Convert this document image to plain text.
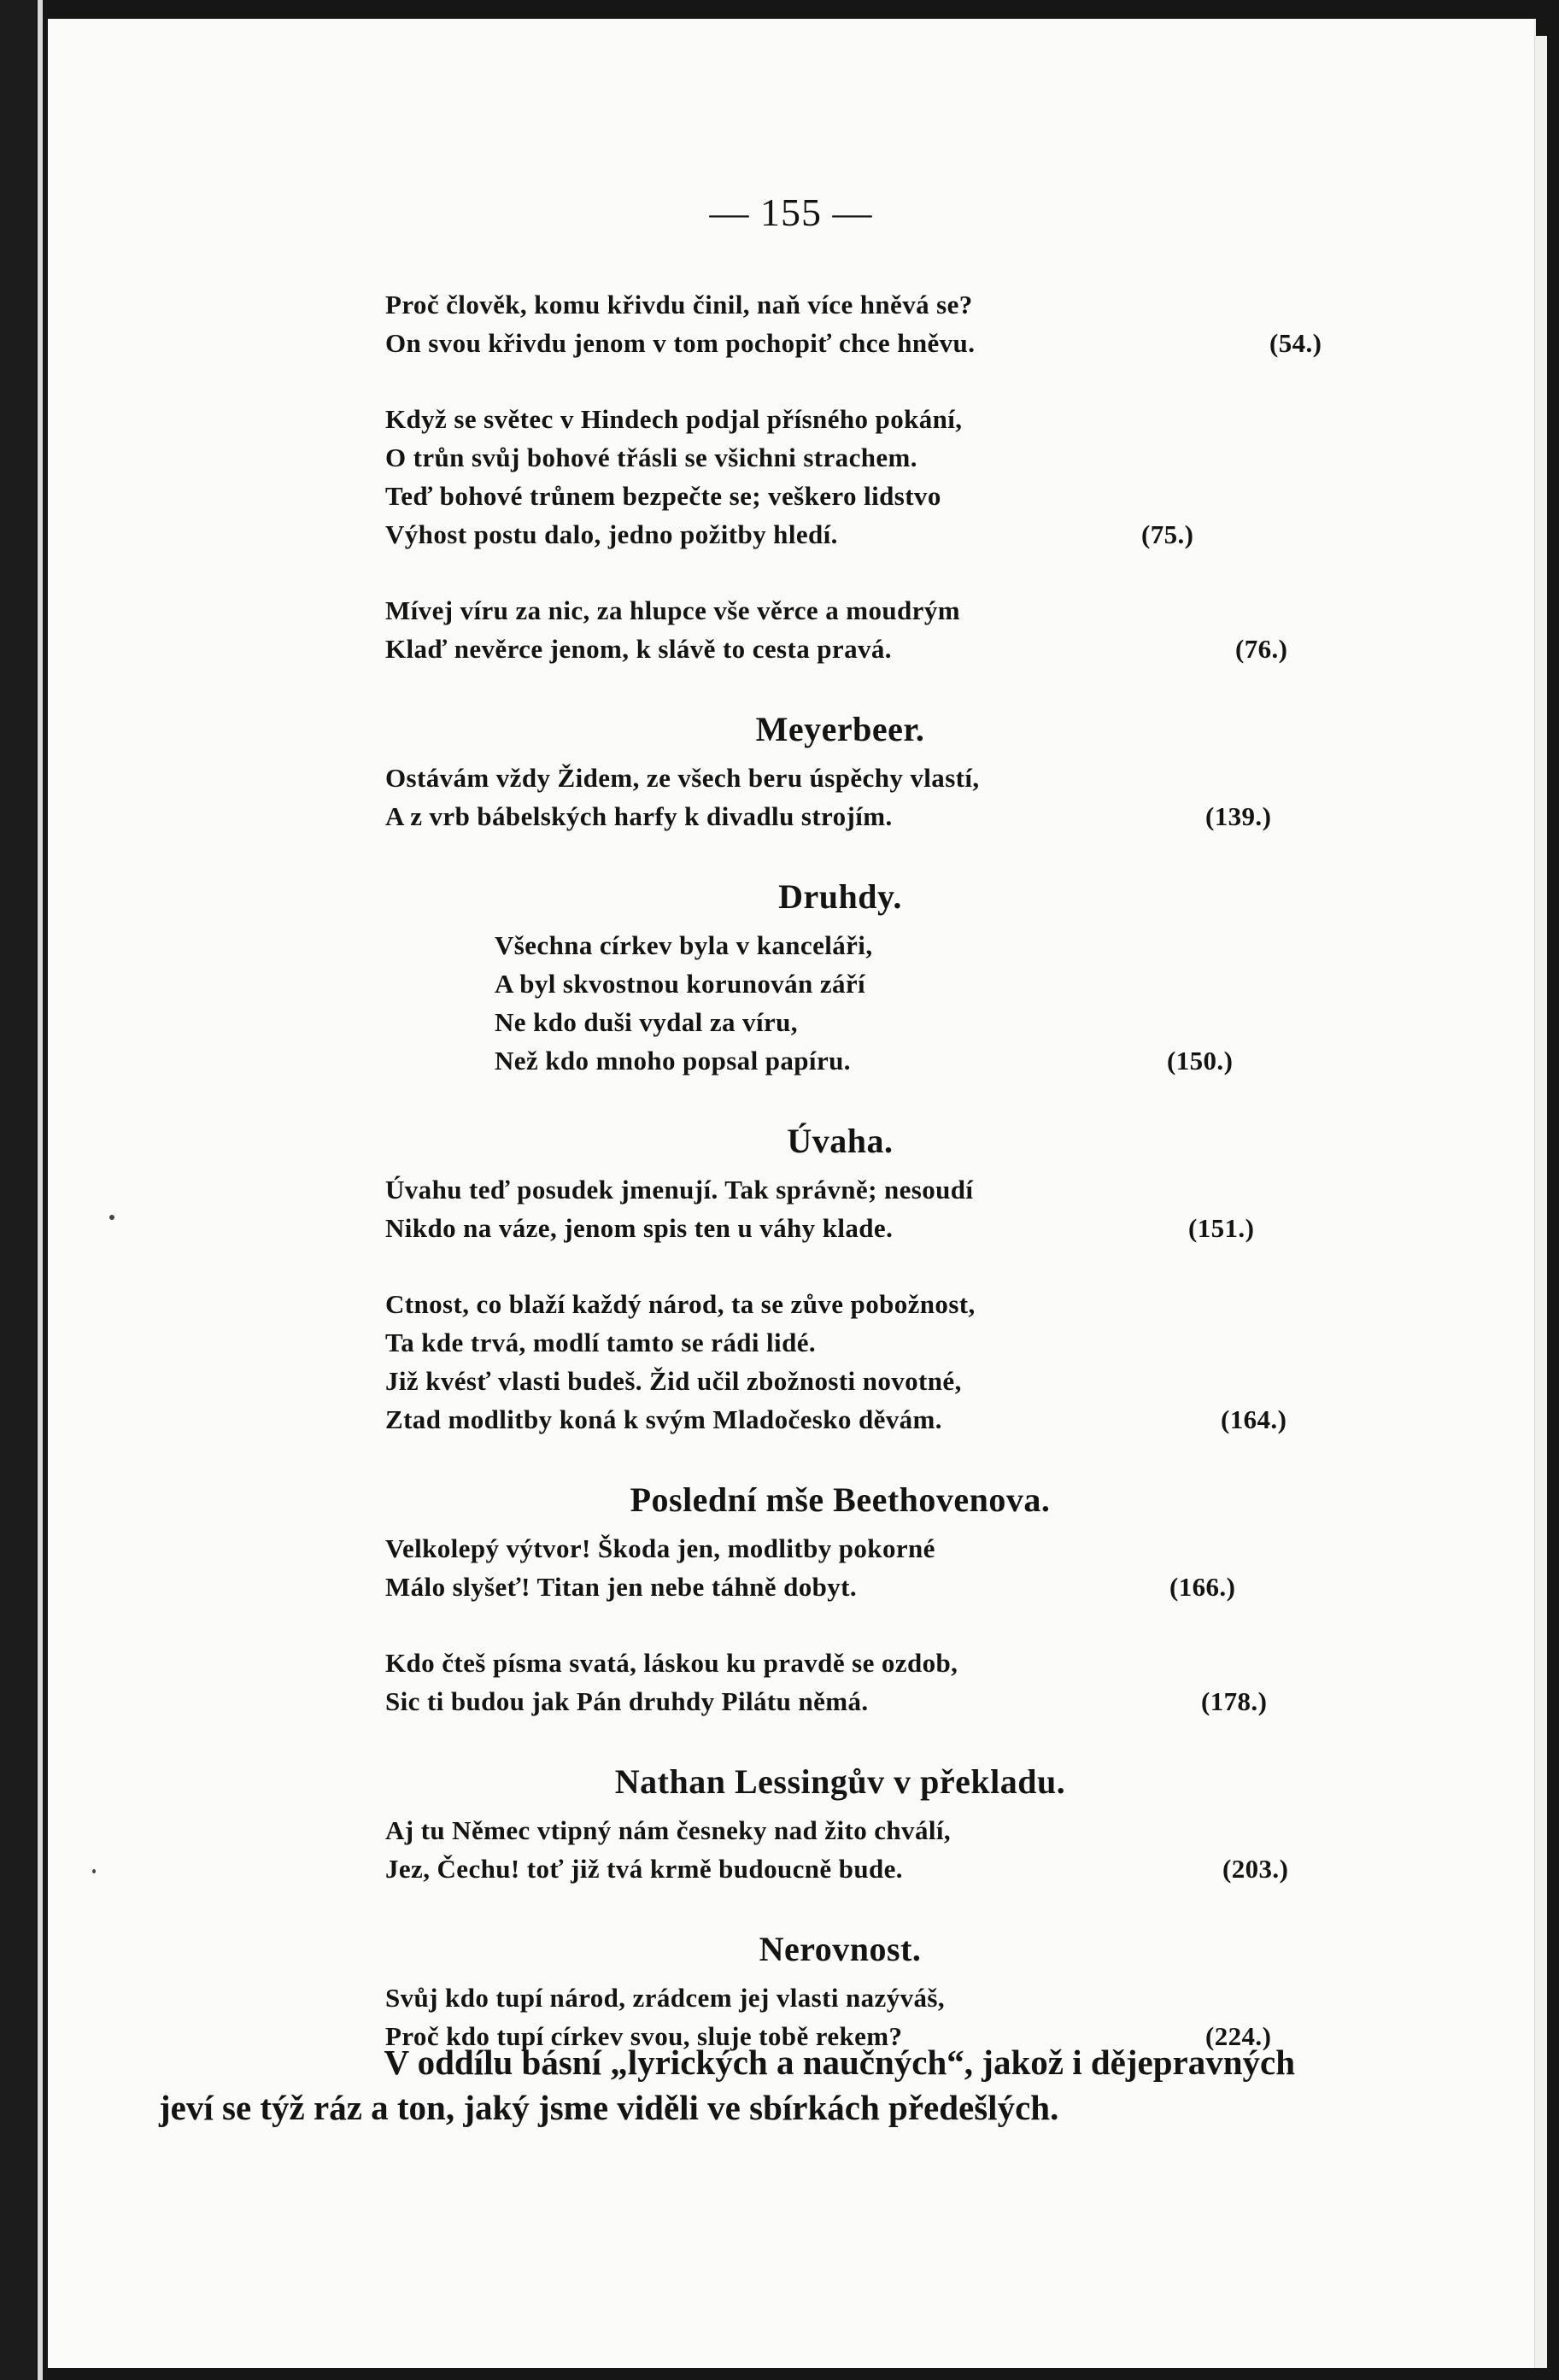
— 155 —
Proč člověk, komu křivdu činil, naň více hněvá se?
On svou křivdu jenom v tom pochopiť chce hněvu.	(54.)
Když se světec v Hindech podjal přísného pokání,
O trůn svůj bohové třásli se všichni strachem.
Teď bohové trůnem bezpečte se; veškero lidstvo
Výhost postu dalo, jedno požitby hledí.	(75.)
Mívej víru za nic, za hlupce vše věrce a moudrým
Klaď nevěrce jenom, k slávě to cesta pravá.	(76.)
Meyerbeer.
Ostávám vždy Židem, ze všech beru úspěchy vlastí,
A z vrb bábelských harfy k divadlu strojím.	(139.)
Druhdy.
Všechna církev byla v kanceláři,
A byl skvostnou korunován září
Ne kdo duši vydal za víru,
Než kdo mnoho popsal papíru.	(150.)
Úvaha.
Úvahu teď posudek jmenují. Tak správně; nesoudí
Nikdo na váze, jenom spis ten u váhy klade.	(151.)
Ctnost, co blaží každý národ, ta se zůve pobožnost,
Ta kde trvá, modlí tamto se rádi lidé.
Již kvésť vlasti budeš. Žid učil zbožnosti novotné,
Ztad modlitby koná k svým Mladočesko děvám.	(164.)
Poslední mše Beethovenova.
Velkolepý výtvor! Škoda jen, modlitby pokorné
Málo slyšeť! Titan jen nebe táhně dobyt.	(166.)
Kdo čteš písma svatá, láskou ku pravdě se ozdob,
Sic ti budou jak Pán druhdy Pilátu němá.	(178.)
Nathan Lessingův v překladu.
Aj tu Němec vtipný nám česneky nad žito chválí,
Jez, Čechu! toť již tvá krmě budoucně bude.	(203.)
Nerovnost.
Svůj kdo tupí národ, zrádcem jej vlasti nazýváš,
Proč kdo tupí církev svou, sluje tobě rekem?	(224.)
V oddílu básní „lyrických a naučných“, jakož i dějepravných
jeví se týž ráz a ton, jaký jsme viděli ve sbírkách předešlých.
